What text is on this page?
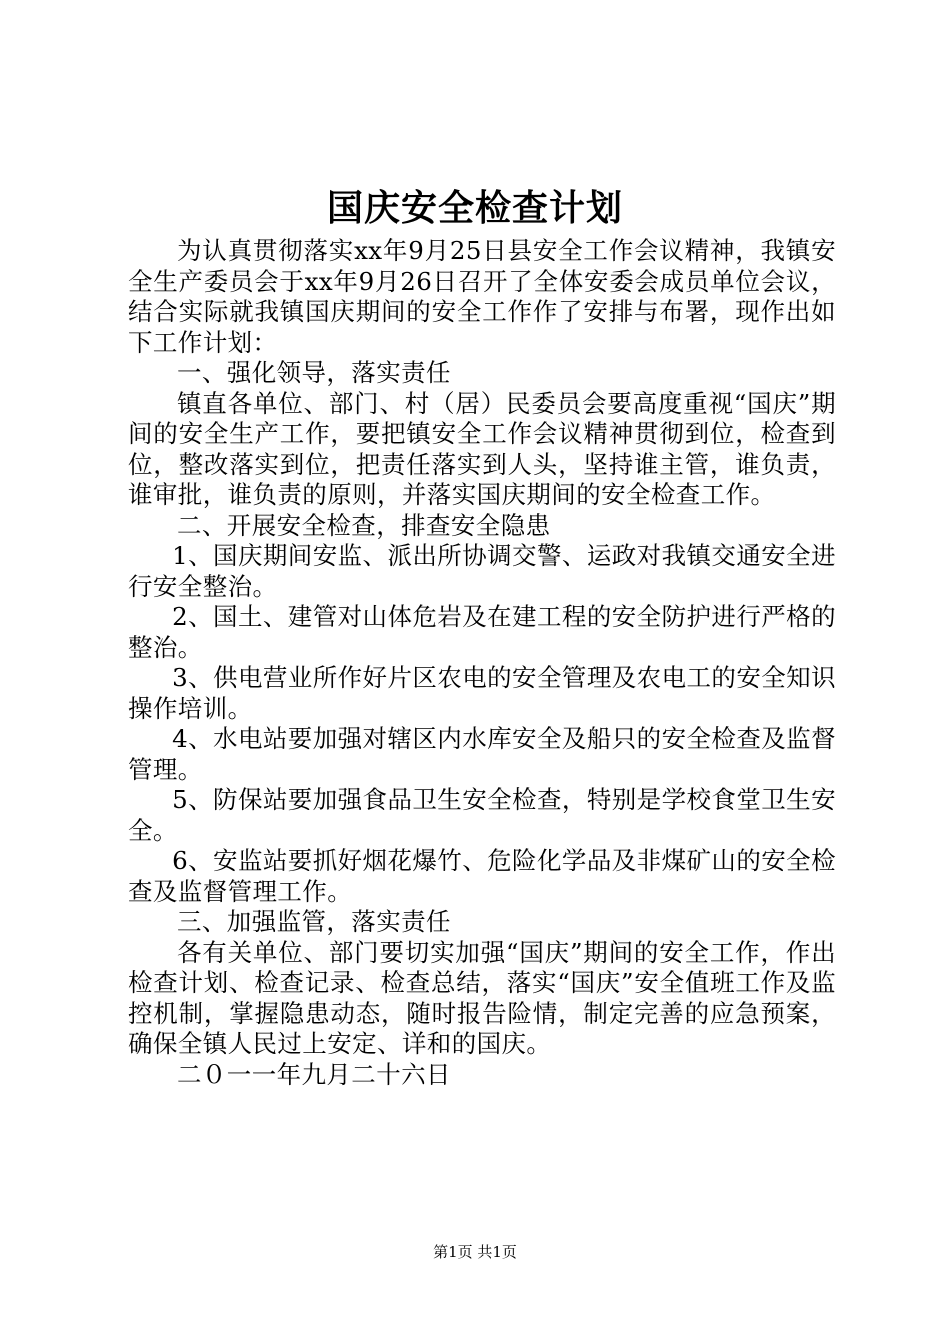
国庆安全检查计划

为认真贯彻落实xx年9月25日县安全工作会议精神，我镇安全生产委员会于xx年9月26日召开了全体安委会成员单位会议，结合实际就我镇国庆期间的安全工作作了安排与布署，现作出如下工作计划：

一、强化领导，落实责任

镇直各单位、部门、村（居）民委员会要高度重视“国庆”期间的安全生产工作，要把镇安全工作会议精神贯彻到位，检查到位，整改落实到位，把责任落实到人头，坚持谁主管，谁负责，谁审批，谁负责的原则，并落实国庆期间的安全检查工作。

二、开展安全检查，排查安全隐患

1、国庆期间安监、派出所协调交警、运政对我镇交通安全进行安全整治。

2、国土、建管对山体危岩及在建工程的安全防护进行严格的整治。

3、供电营业所作好片区农电的安全管理及农电工的安全知识操作培训。

4、水电站要加强对辖区内水库安全及船只的安全检查及监督管理。

5、防保站要加强食品卫生安全检查，特别是学校食堂卫生安全。

6、安监站要抓好烟花爆竹、危险化学品及非煤矿山的安全检查及监督管理工作。

三、加强监管，落实责任

各有关单位、部门要切实加强“国庆”期间的安全工作，作出检查计划、检查记录、检查总结，落实“国庆”安全值班工作及监控机制，掌握隐患动态，随时报告险情，制定完善的应急预案，确保全镇人民过上安定、详和的国庆。

二０一一年九月二十六日

第1页 共1页
